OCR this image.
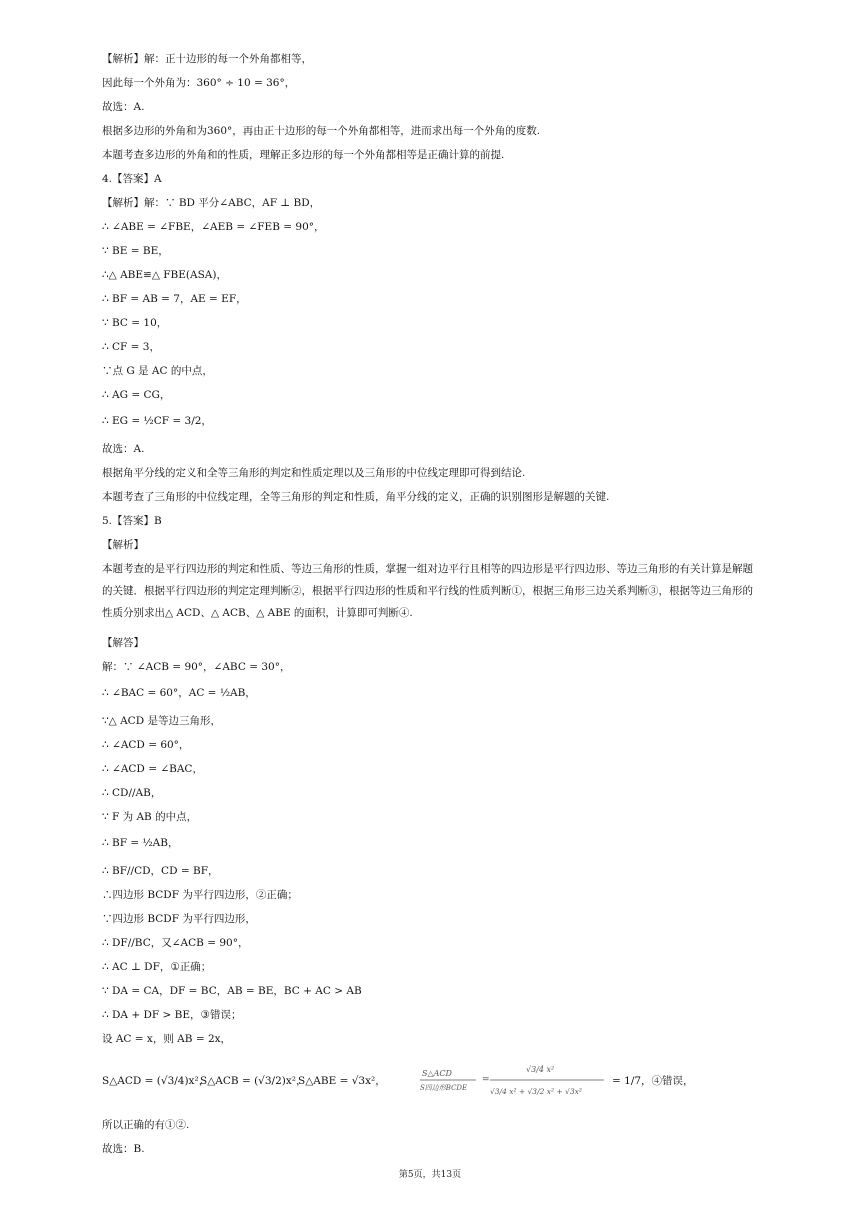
【解析】解：正十边形的每一个外角都相等，
因此每一个外角为：360° ÷ 10 = 36°，
故选：A.
根据多边形的外角和为360°，再由正十边形的每一个外角都相等，进而求出每一个外角的度数.
本题考查多边形的外角和的性质，理解正多边形的每一个外角都相等是正确计算的前提.
4.【答案】A
【解析】解：∵ BD 平分∠ABC，AF ⊥ BD，
∴ ∠ABE = ∠FBE，∠AEB = ∠FEB = 90°，
∵ BE = BE，
∴△ ABE≌△ FBE(ASA)，
∴ BF = AB = 7，AE = EF，
∵ BC = 10，
∴ CF = 3，
∵点 G 是 AC 的中点，
∴ AG = CG，
∴ EG = ½CF = 3/2，
故选：A.
根据角平分线的定义和全等三角形的判定和性质定理以及三角形的中位线定理即可得到结论.
本题考查了三角形的中位线定理，全等三角形的判定和性质，角平分线的定义，正确的识别图形是解题的关键.
5.【答案】B
【解析】
本题考查的是平行四边形的判定和性质、等边三角形的性质，掌握一组对边平行且相等的四边形是平行四边形、等边三角形的有关计算是解题的关键．根据平行四边形的判定定理判断②，根据平行四边形的性质和平行线的性质判断①，根据三角形三边关系判断③，根据等边三角形的性质分别求出△ ACD、△ ACB、△ ABE 的面积，计算即可判断④.
【解答】
解：∵ ∠ACB = 90°，∠ABC = 30°，
∴ ∠BAC = 60°，AC = ½AB，
∵△ ACD 是等边三角形，
∴ ∠ACD = 60°，
∴ ∠ACD = ∠BAC，
∴ CD//AB，
∵ F 为 AB 的中点，
∴ BF = ½AB，
∴ BF//CD，CD = BF，
∴四边形 BCDF 为平行四边形，②正确；
∵四边形 BCDF 为平行四边形，
∴ DF//BC，又∠ACB = 90°，
∴ AC ⊥ DF，①正确；
∵ DA = CA，DF = BC，AB = BE，BC + AC > AB
∴ DA + DF > BE，③错误；
设 AC = x，则 AB = 2x，
S△ACD = (√3/4)x²，
S△ACB = (√3/2)x²，
S△ABE = √3x²，
S△ACD
S四边形BCDE
=
√3/4 x²
√3/4 x² + √3/2 x² + √3x²
= 1/7，④错误，
所以正确的有①②.
故选：B.
第5页，共13页
